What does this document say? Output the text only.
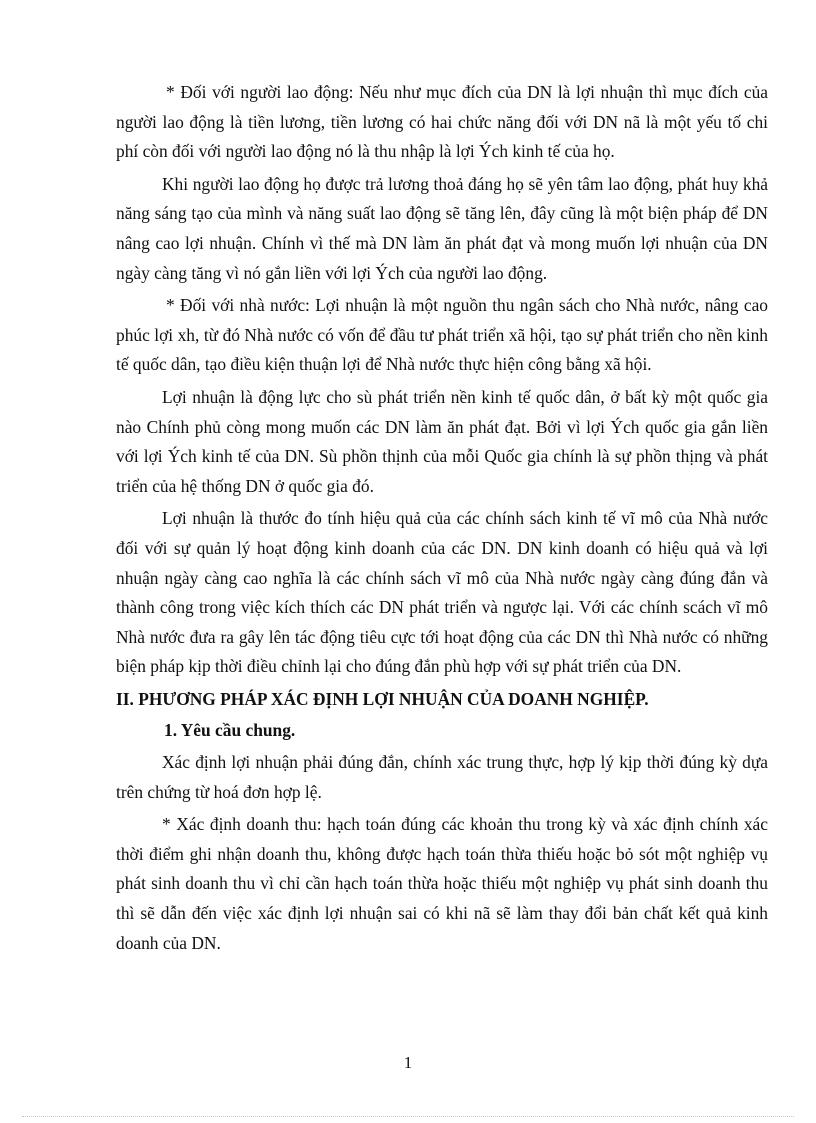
* Đối với người lao động: Nếu như mục đích của DN là lợi nhuận thì mục đích của người lao động là tiền lương, tiền lương có hai chức năng đối với DN nã là một yếu tố chi phí còn đối với người lao động nó là thu nhập là lợi Ých kinh tế của họ.

Khi người lao động họ được trả lương thoả đáng họ sẽ yên tâm lao động, phát huy khả năng sáng tạo của mình và năng suất lao động sẽ tăng lên, đây cũng là một biện pháp để DN nâng cao lợi nhuận. Chính vì thế mà DN làm ăn phát đạt và mong muốn lợi nhuận của DN ngày càng tăng vì nó gắn liền với lợi Ých của người lao động.

* Đối với nhà nước: Lợi nhuận là một nguồn thu ngân sách cho Nhà nước, nâng cao phúc lợi xh, từ đó Nhà nước có vốn để đầu tư phát triển xã hội, tạo sự phát triển cho nền kinh tế quốc dân, tạo điều kiện thuận lợi để Nhà nước thực hiện công bằng xã hội.

Lợi nhuận là động lực cho sù phát triển nền kinh tế quốc dân, ở bất kỳ một quốc gia nào Chính phủ còng mong muốn các DN làm ăn phát đạt. Bởi vì lợi Ých quốc gia gắn liền với lợi Ých kinh tế của DN. Sù phồn thịnh của mỗi Quốc gia chính là sự phồn thịng và phát triển của hệ thống DN ở quốc gia đó.

Lợi nhuận là thước đo tính hiệu quả của các chính sách kinh tế vĩ mô của Nhà nước đối với sự quản lý hoạt động kinh doanh của các DN. DN kinh doanh có hiệu quả và lợi nhuận ngày càng cao nghĩa là các chính sách vĩ mô của Nhà nước ngày càng đúng đắn và thành công trong việc kích thích các DN phát triển và ngược lại. Với các chính scách vĩ mô Nhà nước đưa ra gây lên tác động tiêu cực tới hoạt động của các DN thì Nhà nước có những biện pháp kịp thời điều chỉnh lại cho đúng đắn phù hợp với sự phát triển của DN.

II. PHƯƠNG PHÁP XÁC ĐỊNH LỢI NHUẬN CỦA DOANH NGHIỆP.
1. Yêu cầu chung.

Xác định lợi nhuận phải đúng đắn, chính xác trung thực, hợp lý kịp thời đúng kỳ dựa trên chứng từ hoá đơn hợp lệ.

* Xác định doanh thu: hạch toán đúng các khoản thu trong kỳ và xác định chính xác thời điểm ghi nhận doanh thu, không được hạch toán thừa thiếu hoặc bỏ sót một nghiệp vụ phát sinh doanh thu vì chỉ cần hạch toán thừa hoặc thiếu một nghiệp vụ phát sinh doanh thu thì sẽ dẫn đến việc xác định lợi nhuận sai có khi nã sẽ làm thay đổi bản chất kết quả kinh doanh của DN.

1
